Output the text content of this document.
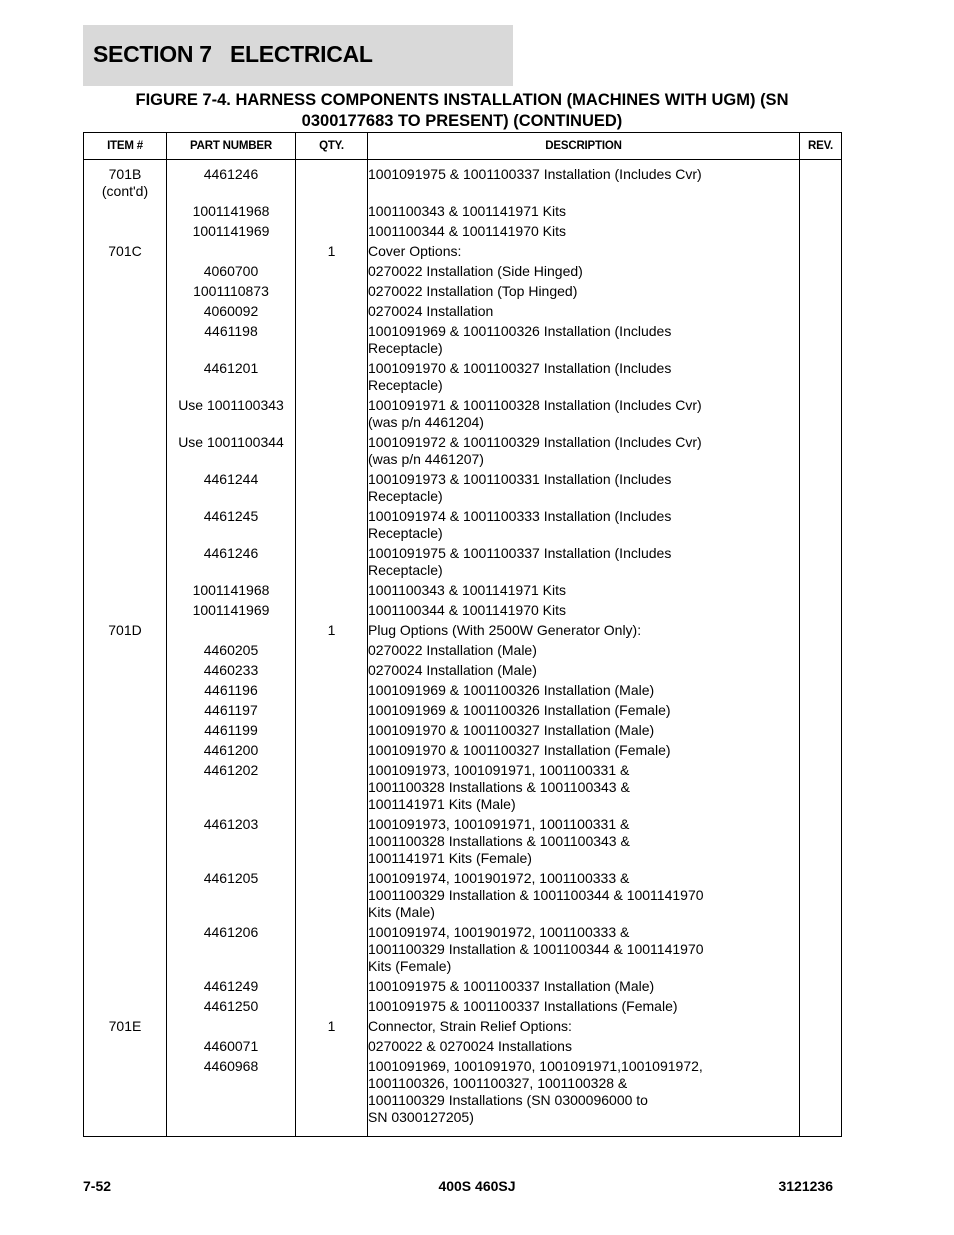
SECTION 7   ELECTRICAL
FIGURE 7-4. HARNESS COMPONENTS INSTALLATION (MACHINES WITH UGM) (SN
0300177683 TO PRESENT) (CONTINUED)
ITEM #	PART NUMBER	QTY.	DESCRIPTION	REV.
701B
(cont'd)	4461246		1001091975 & 1001100337 Installation (Includes Cvr)	
	1001141968		1001100343 & 1001141971 Kits	
	1001141969		1001100344 & 1001141970 Kits	
701C		1	Cover Options:	
	4060700		0270022 Installation (Side Hinged)	
	1001110873		0270022 Installation (Top Hinged)	
	4060092		0270024 Installation	
	4461198		1001091969 & 1001100326 Installation (Includes
Receptacle)	
	4461201		1001091970 & 1001100327 Installation (Includes
Receptacle)	
	Use 1001100343		1001091971 & 1001100328 Installation (Includes Cvr)
(was p/n 4461204)	
	Use 1001100344		1001091972 & 1001100329 Installation (Includes Cvr)
(was p/n 4461207)	
	4461244		1001091973 & 1001100331 Installation (Includes
Receptacle)	
	4461245		1001091974 & 1001100333 Installation (Includes
Receptacle)	
	4461246		1001091975 & 1001100337 Installation (Includes
Receptacle)	
	1001141968		1001100343 & 1001141971 Kits	
	1001141969		1001100344 & 1001141970 Kits	
701D		1	Plug Options (With 2500W Generator Only):	
	4460205		0270022 Installation (Male)	
	4460233		0270024 Installation (Male)	
	4461196		1001091969 & 1001100326 Installation (Male)	
	4461197		1001091969 & 1001100326 Installation (Female)	
	4461199		1001091970 & 1001100327 Installation (Male)	
	4461200		1001091970 & 1001100327 Installation (Female)	
	4461202		1001091973, 1001091971, 1001100331 &
1001100328 Installations & 1001100343 &
1001141971 Kits (Male)	
	4461203		1001091973, 1001091971, 1001100331 &
1001100328 Installations & 1001100343 &
1001141971 Kits (Female)	
	4461205		1001091974, 1001901972, 1001100333 &
1001100329 Installation & 1001100344 & 1001141970
Kits (Male)	
	4461206		1001091974, 1001901972, 1001100333 &
1001100329 Installation & 1001100344 & 1001141970
Kits (Female)	
	4461249		1001091975 & 1001100337 Installation (Male)	
	4461250		1001091975 & 1001100337 Installations (Female)	
701E		1	Connector, Strain Relief Options:	
	4460071		0270022 & 0270024 Installations	
	4460968		1001091969, 1001091970, 1001091971,1001091972,
1001100326, 1001100327, 1001100328 &
1001100329 Installations (SN 0300096000 to
SN 0300127205)	
7-52	400S 460SJ	3121236
